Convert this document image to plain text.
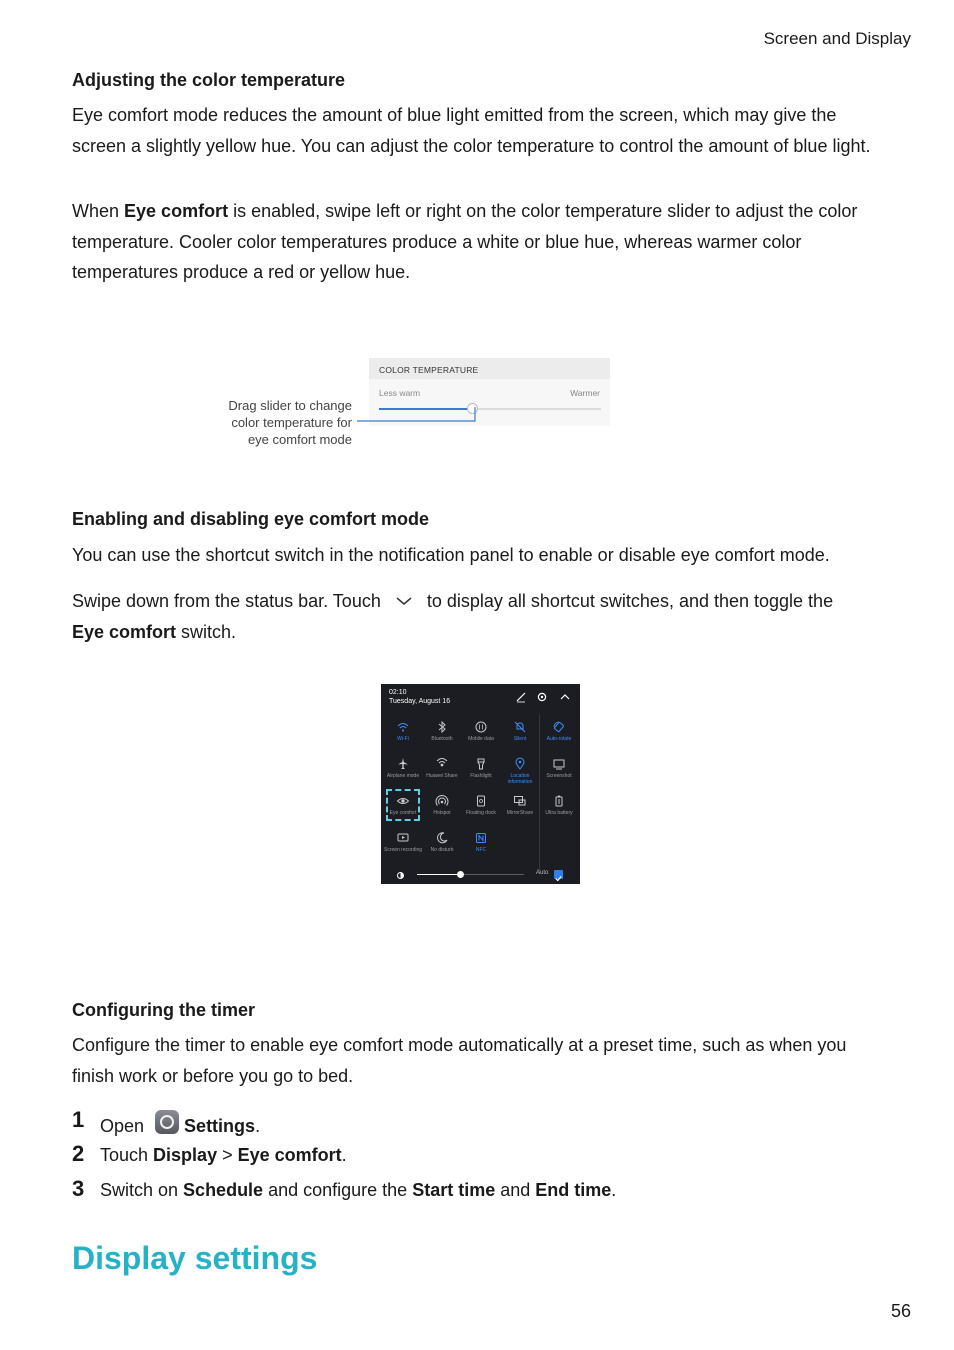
Screen and Display
Adjusting the color temperature

Eye comfort mode reduces the amount of blue light emitted from the screen, which may give the screen a slightly yellow hue. You can adjust the color temperature to control the amount of blue light.

When Eye comfort is enabled, swipe left or right on the color temperature slider to adjust the color temperature. Cooler color temperatures produce a white or blue hue, whereas warmer color temperatures produce a red or yellow hue.

COLOR TEMPERATURE
Less warm	Warmer
Drag slider to change
color temperature for
eye comfort mode
Enabling and disabling eye comfort mode

You can use the shortcut switch in the notification panel to enable or disable eye comfort mode.

Swipe down from the status bar. Touch	to display all shortcut switches, and then toggle the
Eye comfort switch.

02:10
Tuesday, August 16
Wi-Fi	Bluetooth	Mobile data	Silent	Auto-rotate
Airplane mode	Huawei Share	Flashlight	Location information
Screenshot
Eye comfort	Hotspot	Floating dock	MirrorShare	Ultra battery
Screen recording	No disturb	NFC
Auto
Configuring the timer

Configure the timer to enable eye comfort mode automatically at a preset time, such as when you finish work or before you go to bed.

1 Open
Settings.
2 Touch Display > Eye comfort.
3 Switch on Schedule and configure the Start time and End time.
Display settings
56
